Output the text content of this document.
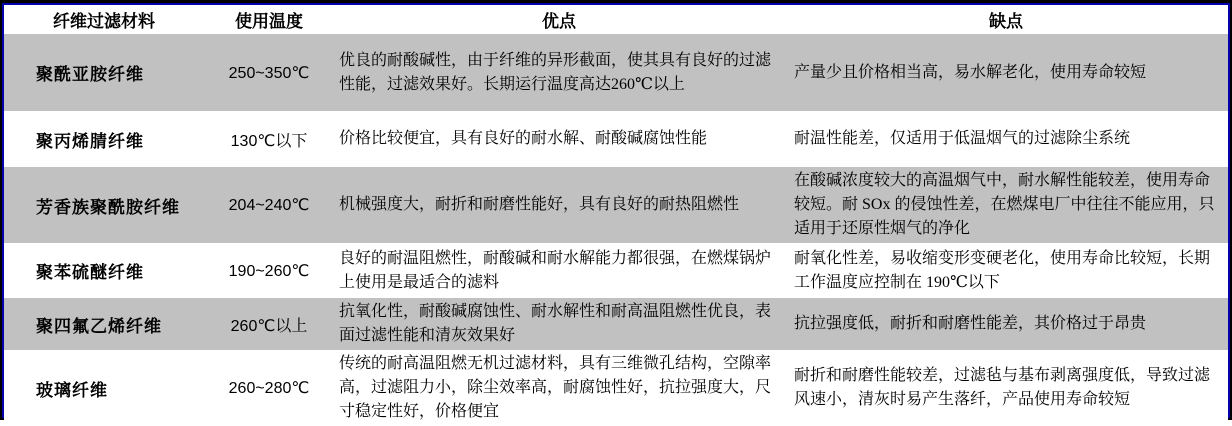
纤维过滤材料	使用温度	优点	缺点
聚酰亚胺纤维	250~350℃	优良的耐酸碱性，由于纤维的异形截面，使其具有良好的过滤性能，过滤效果好。长期运行温度高达260℃以上	产量少且价格相当高，易水解老化，使用寿命较短
聚丙烯腈纤维	130℃以下	价格比较便宜，具有良好的耐水解、耐酸碱腐蚀性能	耐温性能差，仅适用于低温烟气的过滤除尘系统
芳香族聚酰胺纤维	204~240℃	机械强度大，耐折和耐磨性能好，具有良好的耐热阻燃性	在酸碱浓度较大的高温烟气中，耐水解性能较差，使用寿命较短。耐 SOx 的侵蚀性差，在燃煤电厂中往往不能应用，只适用于还原性烟气的净化
聚苯硫醚纤维	190~260℃	良好的耐温阻燃性，耐酸碱和耐水解能力都很强，在燃煤锅炉上使用是最适合的滤料	耐氧化性差，易收缩变形变硬老化，使用寿命比较短，长期工作温度应控制在 190℃以下
聚四氟乙烯纤维	260℃以上	抗氧化性，耐酸碱腐蚀性、耐水解性和耐高温阻燃性优良，表面过滤性能和清灰效果好	抗拉强度低，耐折和耐磨性能差，其价格过于昂贵
玻璃纤维	260~280℃	传统的耐高温阻燃无机过滤材料，具有三维微孔结构，空隙率高，过滤阻力小，除尘效率高，耐腐蚀性好，抗拉强度大，尺寸稳定性好，价格便宜	耐折和耐磨性能较差，过滤毡与基布剥离强度低，导致过滤风速小，清灰时易产生落纤，产品使用寿命较短
